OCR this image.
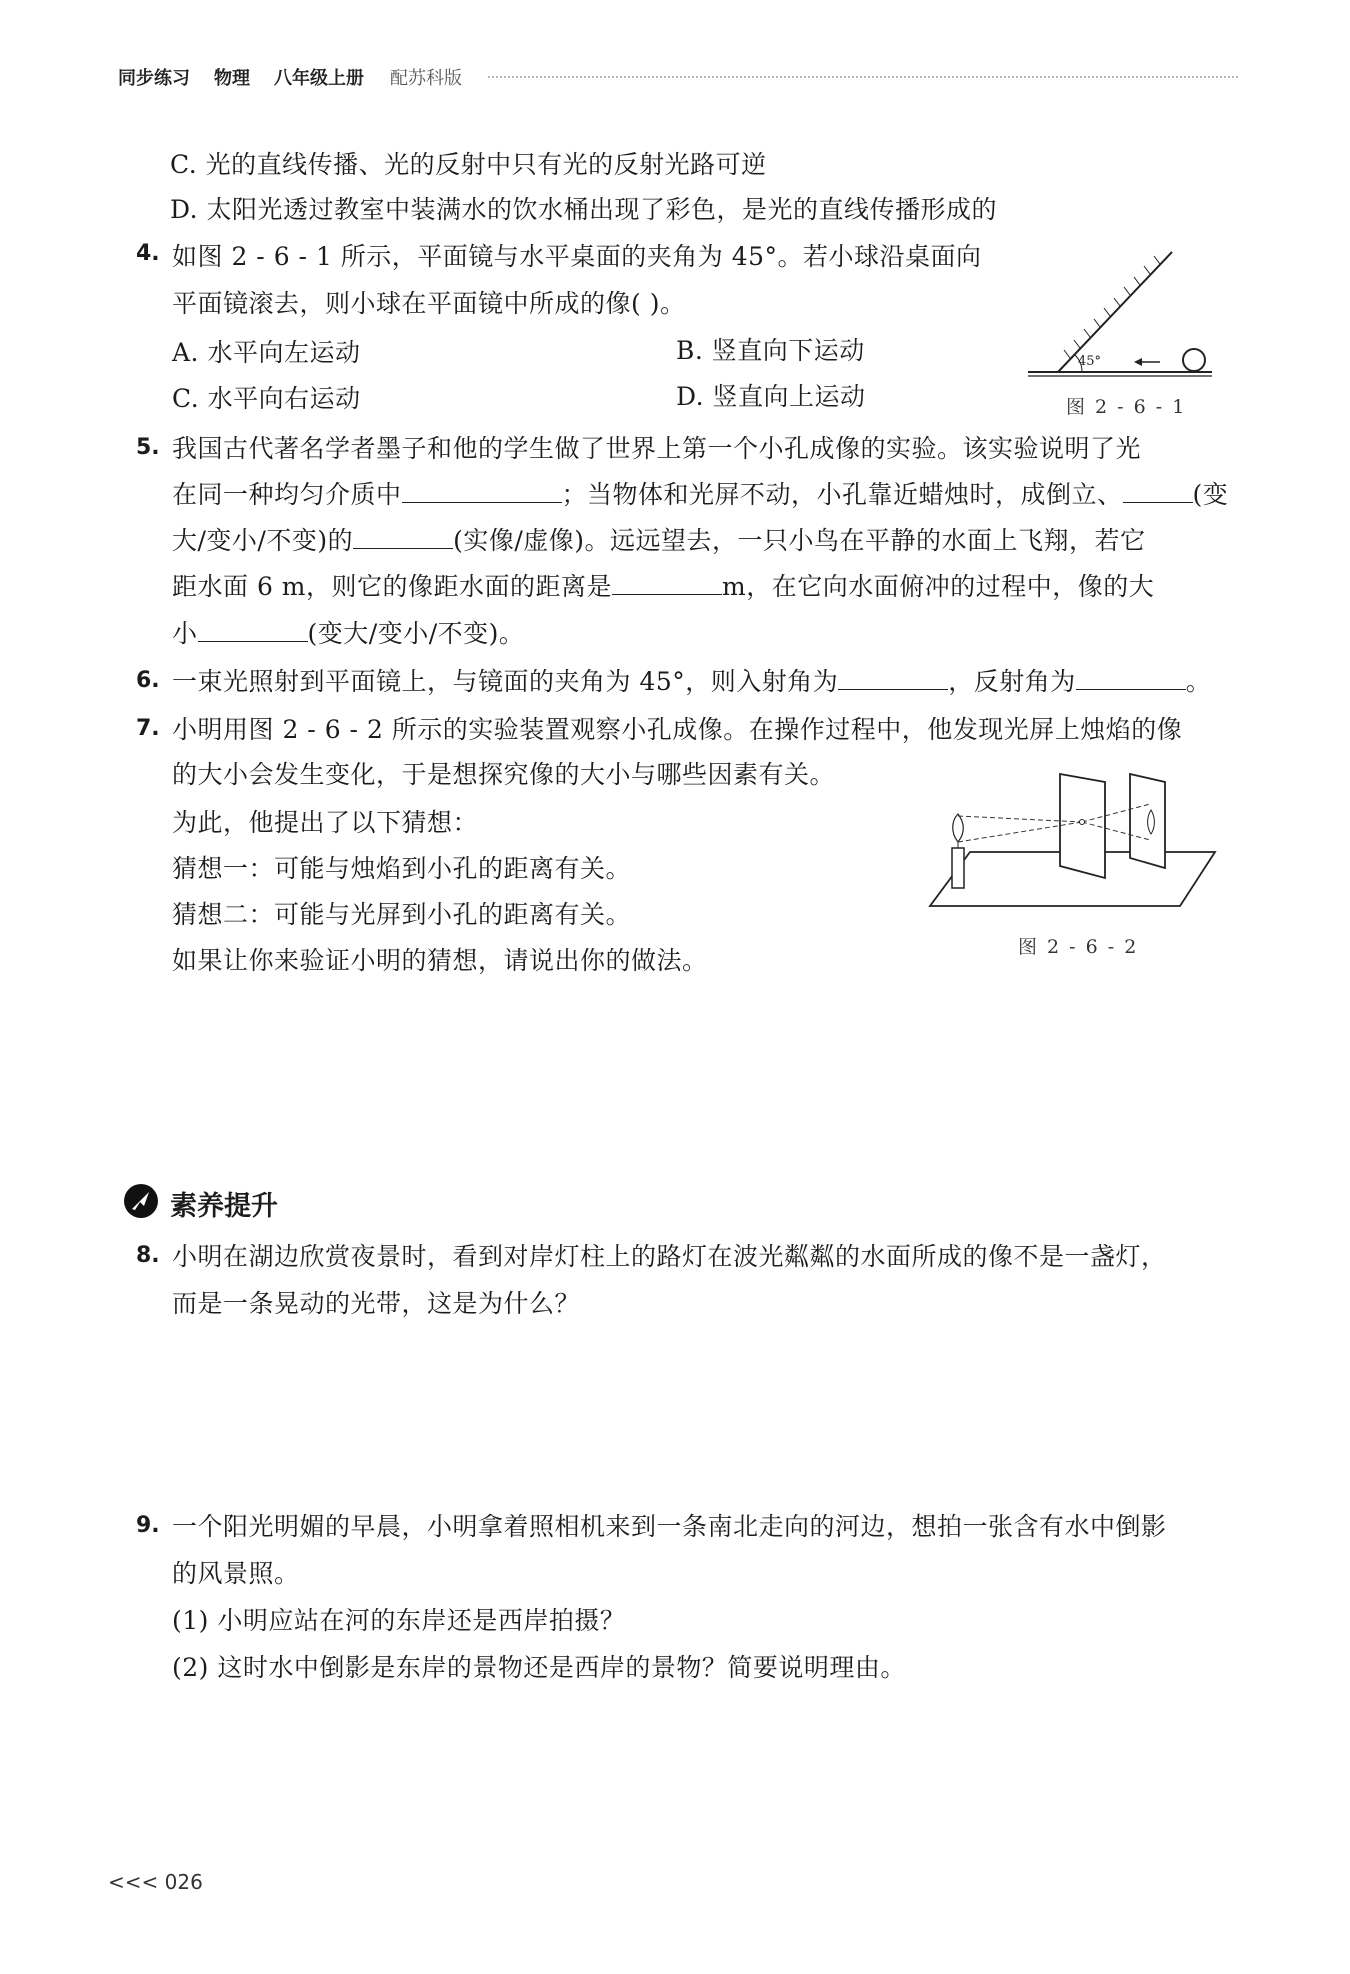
同步练习 物理 八年级上册 配苏科版
C. 光的直线传播、光的反射中只有光的反射光路可逆
D. 太阳光透过教室中装满水的饮水桶出现了彩色，是光的直线传播形成的
4. 如图 2 - 6 - 1 所示，平面镜与水平桌面的夹角为 45°。若小球沿桌面向
平面镜滚去，则小球在平面镜中所成的像( )。
A. 水平向左运动	B. 竖直向下运动
C. 水平向右运动	D. 竖直向上运动
45°
图 2 - 6 - 1
5. 我国古代著名学者墨子和他的学生做了世界上第一个小孔成像的实验。该实验说明了光
在同一种均匀介质中	；当物体和光屏不动，小孔靠近蜡烛时，成倒立、	(变
大/变小/不变)的	(实像/虚像)。远远望去，一只小鸟在平静的水面上飞翔，若它
距水面 6 m，则它的像距水面的距离是	m，在它向水面俯冲的过程中，像的大
小	(变大/变小/不变)。
6. 一束光照射到平面镜上，与镜面的夹角为 45°，则入射角为	，反射角为	。
7. 小明用图 2 - 6 - 2 所示的实验装置观察小孔成像。在操作过程中，他发现光屏上烛焰的像
的大小会发生变化，于是想探究像的大小与哪些因素有关。
为此，他提出了以下猜想：
猜想一：可能与烛焰到小孔的距离有关。
猜想二：可能与光屏到小孔的距离有关。
如果让你来验证小明的猜想，请说出你的做法。	图 2 - 6 - 2
素养提升
8. 小明在湖边欣赏夜景时，看到对岸灯柱上的路灯在波光粼粼的水面所成的像不是一盏灯，
而是一条晃动的光带，这是为什么？
9. 一个阳光明媚的早晨，小明拿着照相机来到一条南北走向的河边，想拍一张含有水中倒影
的风景照。
(1) 小明应站在河的东岸还是西岸拍摄？
(2) 这时水中倒影是东岸的景物还是西岸的景物？简要说明理由。
<<< 026
